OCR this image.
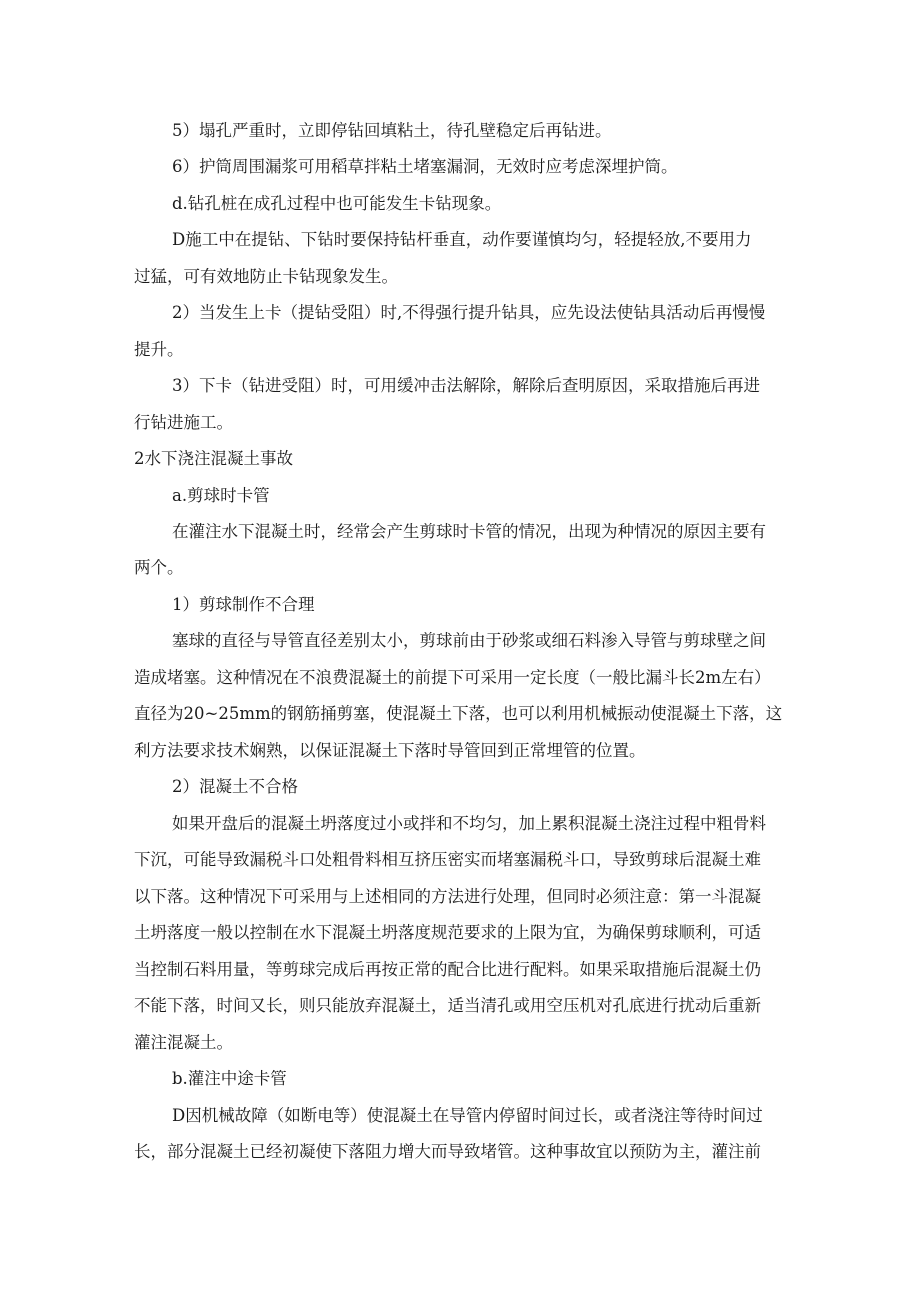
5）塌孔严重时，立即停钻回填粘土，待孔壁稳定后再钻进。
6）护筒周围漏浆可用稻草拌粘土堵塞漏洞，无效时应考虑深埋护筒。
d.钻孔桩在成孔过程中也可能发生卡钻现象。
D施工中在提钻、下钻时要保持钻杆垂直，动作要谨慎均匀，轻提轻放,不要用力
过猛，可有效地防止卡钻现象发生。
2）当发生上卡（提钻受阻）时,不得强行提升钻具，应先设法使钻具活动后再慢慢
提升。
3）下卡（钻进受阻）时，可用缓冲击法解除，解除后查明原因，采取措施后再进
行钻进施工。
2水下浇注混凝土事故
a.剪球时卡管
在灌注水下混凝土时，经常会产生剪球时卡管的情况，出现为种情况的原因主要有
两个。
1）剪球制作不合理
塞球的直径与导管直径差别太小，剪球前由于砂浆或细石料渗入导管与剪球壁之间
造成堵塞。这种情况在不浪费混凝土的前提下可采用一定长度（一般比漏斗长2m左右）
直径为20~25mm的钢筋捅剪塞，使混凝土下落，也可以利用机械振动使混凝土下落，这
利方法要求技术娴熟，以保证混凝土下落时导管回到正常埋管的位置。
2）混凝土不合格
如果开盘后的混凝土坍落度过小或拌和不均匀，加上累积混凝土浇注过程中粗骨料
下沉，可能导致漏税斗口处粗骨料相互挤压密实而堵塞漏税斗口，导致剪球后混凝土难
以下落。这种情况下可采用与上述相同的方法进行处理，但同时必须注意：第一斗混凝
土坍落度一般以控制在水下混凝土坍落度规范要求的上限为宜，为确保剪球顺利，可适
当控制石料用量，等剪球完成后再按正常的配合比进行配料。如果采取措施后混凝土仍
不能下落，时间又长，则只能放弃混凝土，适当清孔或用空压机对孔底进行扰动后重新
灌注混凝土。
b.灌注中途卡管
D因机械故障（如断电等）使混凝土在导管内停留时间过长，或者浇注等待时间过
长，部分混凝土已经初凝使下落阻力增大而导致堵管。这种事故宜以预防为主，灌注前
